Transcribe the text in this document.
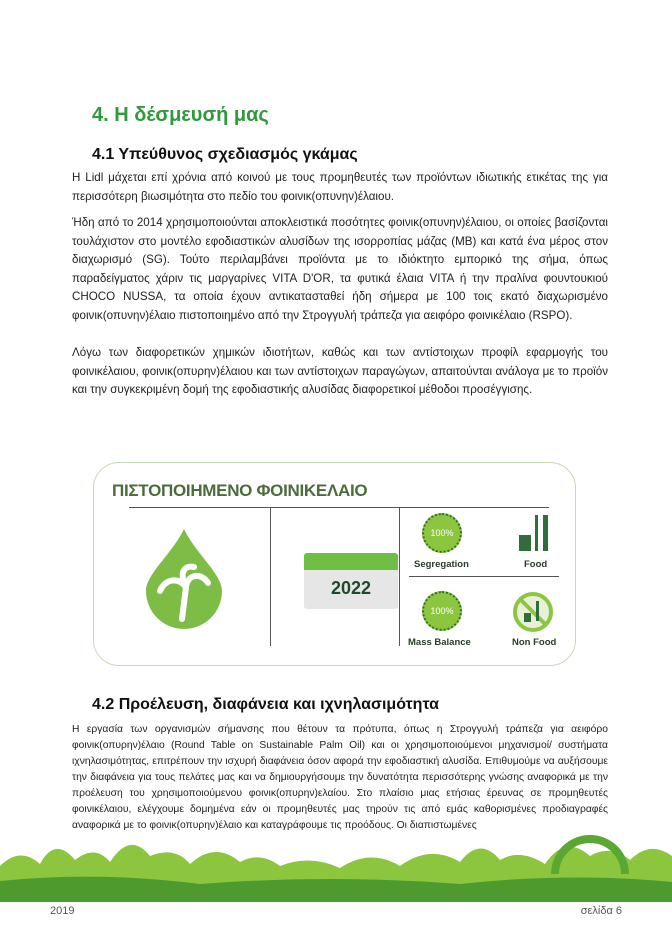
4. Η δέσμευσή μας
4.1 Υπεύθυνος σχεδιασμός γκάμας
Η Lidl μάχεται επί χρόνια από κοινού με τους προμηθευτές των προϊόντων ιδιωτικής ετικέτας της για περισσότερη βιωσιμότητα στο πεδίο του φοινικ(οπυνην)έλαιου.
Ήδη από το 2014 χρησιμοποιούνται αποκλειστικά ποσότητες φοινικ(οπυνην)έλαιου, οι οποίες βασίζονται τουλάχιστον στο μοντέλο εφοδιαστικών αλυσίδων της ισορροπίας μάζας (MB) και κατά ένα μέρος στον διαχωρισμό (SG). Τούτο περιλαμβάνει προϊόντα με το ιδιόκτητο εμπορικό της σήμα, όπως παραδείγματος χάριν τις μαργαρίνες VITA D'OR, τα φυτικά έλαια VITA ή την πραλίνα φουντουκιού CHOCO NUSSA, τα οποία έχουν αντικατασταθεί ήδη σήμερα με 100 τοις εκατό διαχωρισμένο φοινικ(οπυνην)έλαιο πιστοποιημένο από την Στρογγυλή τράπεζα για αειφόρο φοινικέλαιο (RSPO).
Λόγω των διαφορετικών χημικών ιδιοτήτων, καθώς και των αντίστοιχων προφίλ εφαρμογής του φοινικέλαιου, φοινικ(οπυρην)έλαιου και των αντίστοιχων παραγώγων, απαιτούνται ανάλογα με το προϊόν και την συγκεκριμένη δομή της εφοδιαστικής αλυσίδας διαφορετικοί μέθοδοι προσέγγισης.
ΠΙΣΤΟΠΟΙΗΜΕΝΟ ΦΟΙΝΙΚΕΛΑΙΟ
2022
100%
Segregation	Food
100%
Mass Balance	Non Food
4.2 Προέλευση, διαφάνεια και ιχνηλασιμότητα
Η εργασία των οργανισμών σήμανσης που θέτουν τα πρότυπα, όπως η Στρογγυλή τράπεζα για αειφόρο φοινικ(οπυρην)έλαιο (Round Table on Sustainable Palm Oil) και οι χρησιμοποιούμενοι μηχανισμοί/ συστήματα ιχνηλασιμότητας, επιτρέπουν την ισχυρή διαφάνεια όσον αφορά την εφοδιαστική αλυσίδα. Επιθυμούμε να αυξήσουμε την διαφάνεια για τους πελάτες μας και να δημιουργήσουμε την δυνατότητα περισσότερης γνώσης αναφορικά με την προέλευση του χρησιμοποιούμενου φοινικ(οπυρην)ελαίου. Στο πλαίσιο μιας ετήσιας έρευνας σε προμηθευτές φοινικέλαιου, ελέγχουμε δομημένα εάν οι προμηθευτές μας τηρούν τις από εμάς καθορισμένες προδιαγραφές αναφορικά με το φοινικ(οπυρην)έλαιο και καταγράφουμε τις προόδους. Οι διαπιστωμένες
2019	σελίδα 6
